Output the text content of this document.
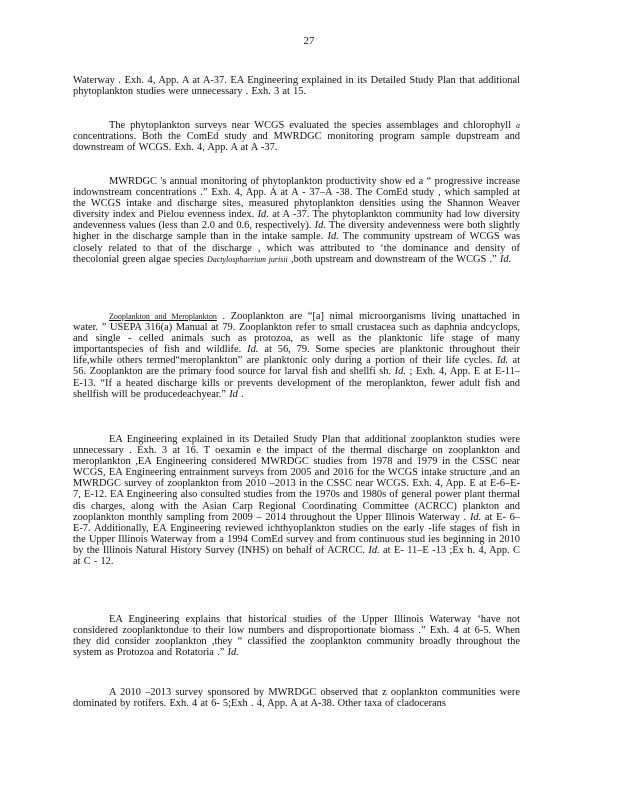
27

Waterway . Exh. 4, App. A at A-37. EA Engineering explained in its Detailed Study Plan that additional phytoplankton studies were unnecessary . Exh. 3 at 15.

The phytoplankton surveys near WCGS evaluated the species assemblages and chlorophyll a concentrations. Both the ComEd study and MWRDGC monitoring program sample dupstream and downstream of WCGS. Exh. 4, App. A at A -37.

MWRDGC 's annual monitoring of phytoplankton productivity show ed a “ progressive increase indownstream concentrations .” Exh. 4, App. A at A - 37–A -38. The ComEd study , which sampled at the WCGS intake and discharge sites, measured phytoplankton densities using the Shannon Weaver diversity index and Pielou evenness index. Id. at A -37. The phytoplankton community had low diversity andevenness values (less than 2.0 and 0.6, respectively). Id. The diversity andevenness were both slightly higher in the discharge sample than in the intake sample. Id. The community upstream of WCGS was closely related to that of the discharge , which was attributed to ‘the dominance and density of thecolonial green algae species Dactylosphaerium jurisii ,both upstream and downstream of the WCGS .” Id.

Zooplankton and Meroplankton . Zooplankton are “[a] nimal microorganisms living unattached in water. ” USEPA 316(a) Manual at 79. Zooplankton refer to small crustacea such as daphnia andcyclops, and single - celled animals such as protozoa, as well as the planktonic life stage of many importantspecies of fish and wildlife. Id. at 56, 79. Some species are planktonic throughout their life,while others termed“meroplankton” are planktonic only during a portion of their life cycles. Id. at 56. Zooplankton are the primary food source for larval fish and shellfi sh. Id. ; Exh. 4, App. E at E-11–E-13. “If a heated discharge kills or prevents development of the meroplankton, fewer adult fish and shellfish will be producedeachyear.” Id .

EA Engineering explained in its Detailed Study Plan that additional zooplankton studies were unnecessary . Exh. 3 at 16. T oexamin e the impact of the thermal discharge on zooplankton and meroplankton ,EA Engineering considered MWRDGC studies from 1978 and 1979 in the CSSC near WCGS, EA Engineering entrainment surveys from 2005 and 2016 for the WCGS intake structure ,and an MWRDGC survey of zooplankton from 2010 –2013 in the CSSC near WCGS. Exh. 4, App. E at E-6–E-7, E-12. EA Engineering also consulted studies from the 1970s and 1980s of general power plant thermal dis charges, along with the Asian Carp Regional Coordinating Committee (ACRCC) plankton and zooplankton monthly sampling from 2009 – 2014 throughout the Upper Illinois Waterway . Id. at E- 6–E-7. Additionally, EA Engineering reviewed ichthyoplankton studies on the early -life stages of fish in the Upper Illinois Waterway from a 1994 ComEd survey and from continuous stud ies beginning in 2010 by the Illinois Natural History Survey (INHS) on behalf of ACRCC. Id. at E- 11–E -13 ;Ex h. 4, App. C at C - 12.

EA Engineering explains that historical studies of the Upper Illinois Waterway ‘have not considered zooplanktondue to their low numbers and disproportionate biomass .” Exh. 4 at 6-5. When they did consider zooplankton ,they “ classified the zooplankton community broadly throughout the system as Protozoa and Rotatoria .” Id.

A 2010 –2013 survey sponsored by MWRDGC observed that z ooplankton communities were dominated by rotifers. Exh. 4 at 6- 5;Exh . 4, App. A at A-38. Other taxa of cladocerans
